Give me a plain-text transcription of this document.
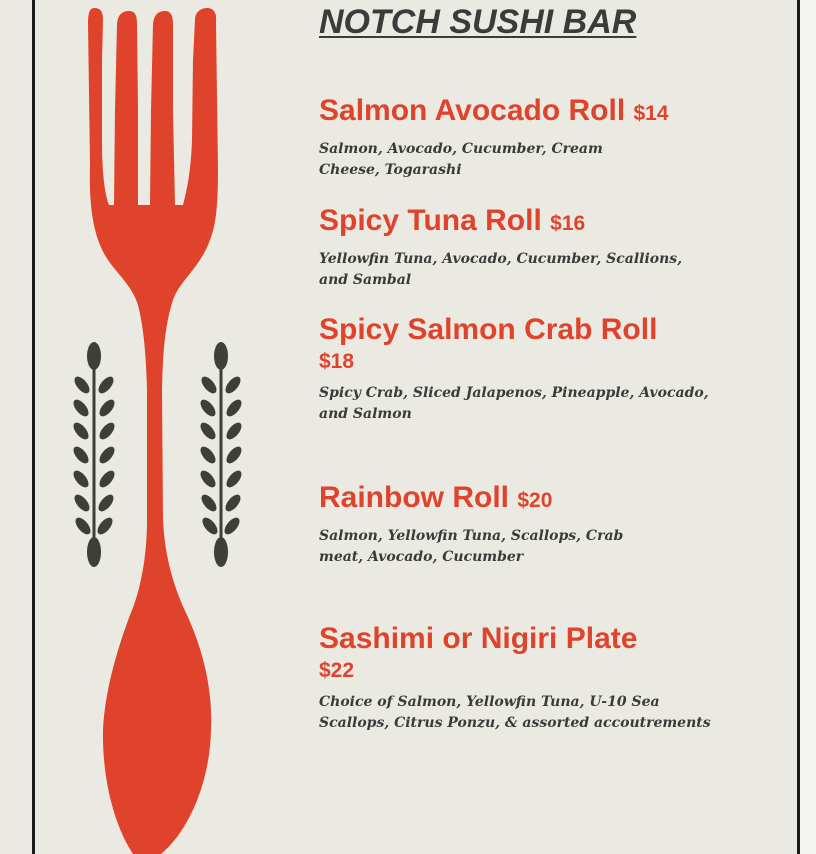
NOTCH SUSHI BAR
Salmon Avocado Roll $14
Salmon, Avocado, Cucumber, Cream Cheese, Togarashi
Spicy Tuna Roll $16
Yellowfin Tuna, Avocado, Cucumber, Scallions, and Sambal
Spicy Salmon Crab Roll
$18
Spicy Crab, Sliced Jalapenos, Pineapple, Avocado, and Salmon
Rainbow Roll $20
Salmon, Yellowfin Tuna, Scallops, Crab meat, Avocado, Cucumber
Sashimi or Nigiri Plate
$22
Choice of Salmon, Yellowfin Tuna, U-10 Sea Scallops, Citrus Ponzu, & assorted accoutrements
